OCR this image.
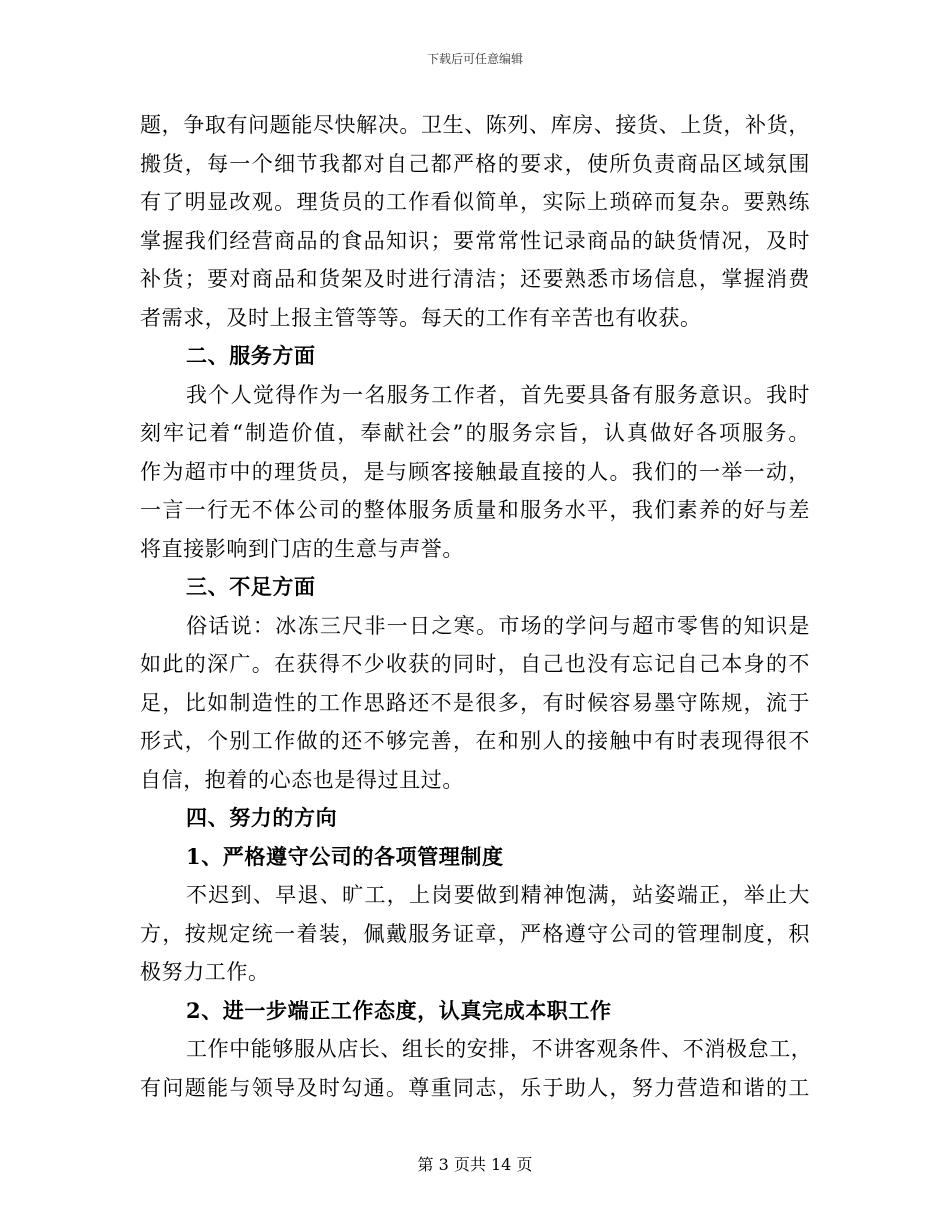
下载后可任意编辑
题，争取有问题能尽快解决。卫生、陈列、库房、接货、上货，补货，
搬货，每一个细节我都对自己都严格的要求，使所负责商品区域氛围
有了明显改观。理货员的工作看似简单，实际上琐碎而复杂。要熟练
掌握我们经营商品的食品知识；要常常性记录商品的缺货情况，及时
补货；要对商品和货架及时进行清洁；还要熟悉市场信息，掌握消费
者需求，及时上报主管等等。每天的工作有辛苦也有收获。
二、服务方面
我个人觉得作为一名服务工作者，首先要具备有服务意识。我时
刻牢记着“制造价值，奉献社会”的服务宗旨，认真做好各项服务。
作为超市中的理货员，是与顾客接触最直接的人。我们的一举一动，
一言一行无不体公司的整体服务质量和服务水平，我们素养的好与差
将直接影响到门店的生意与声誉。
三、不足方面
俗话说：冰冻三尺非一日之寒。市场的学问与超市零售的知识是
如此的深广。在获得不少收获的同时，自己也没有忘记自己本身的不
足，比如制造性的工作思路还不是很多，有时候容易墨守陈规，流于
形式，个别工作做的还不够完善，在和别人的接触中有时表现得很不
自信，抱着的心态也是得过且过。
四、努力的方向
1、严格遵守公司的各项管理制度
不迟到、早退、旷工，上岗要做到精神饱满，站姿端正，举止大
方，按规定统一着装，佩戴服务证章，严格遵守公司的管理制度，积
极努力工作。
2、进一步端正工作态度，认真完成本职工作
工作中能够服从店长、组长的安排，不讲客观条件、不消极怠工，
有问题能与领导及时勾通。尊重同志，乐于助人，努力营造和谐的工
第 3 页共 14 页
